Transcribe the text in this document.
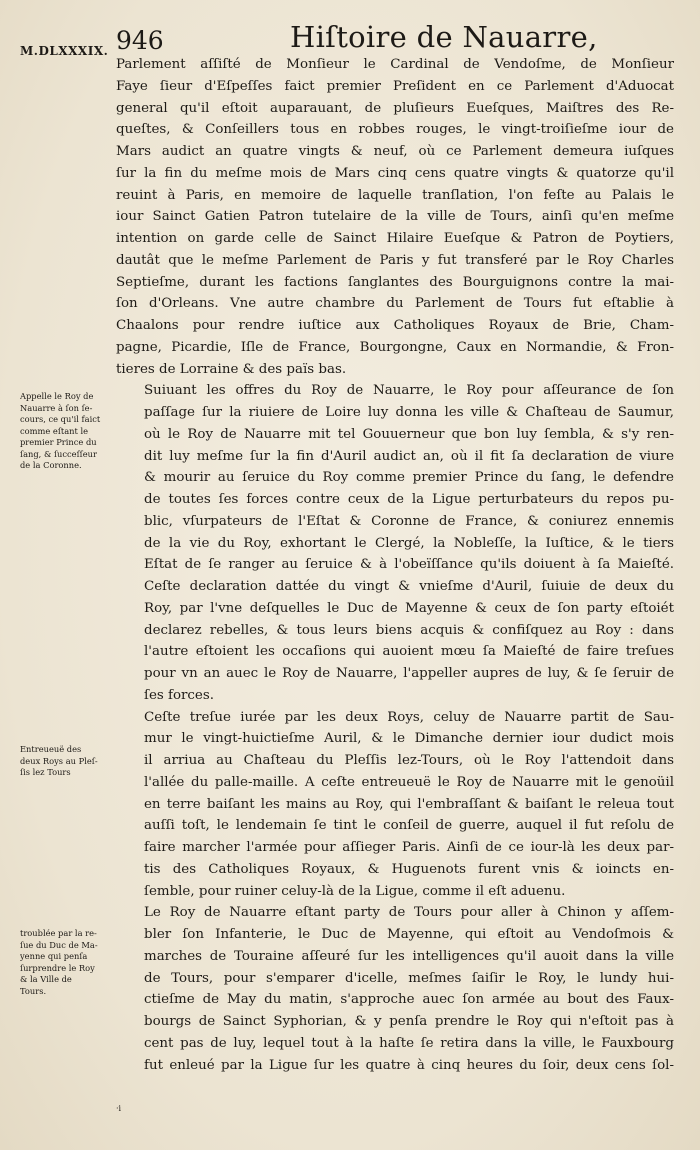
M.DLXXXIX. 946	Hiſtoire de Nauarre,

Parlement aſſiſté de Monſieur le Cardinal de Vendoſme, de Monſieur
Faye ſieur d'Eſpeſſes faict premier Preſident en ce Parlement d'Aduocat
general qu'il eſtoit auparauant, de pluſieurs Eueſques, Maiſtres des Re-
queſtes, & Conſeillers tous en robbes rouges, le vingt-troiſieſme iour de
Mars audict an quatre vingts & neuf, où ce Parlement demeura iuſques
ſur la fin du meſme mois de Mars cinq cens quatre vingts & quatorze qu'il
reuint à Paris, en memoire de laquelle tranſlation, l'on feſte au Palais le
iour Sainct Gatien Patron tutelaire de la ville de Tours, ainſi qu'en meſme
intention on garde celle de Sainct Hilaire Eueſque & Patron de Poytiers,
dautât que le meſme Parlement de Paris y fut transferé par le Roy Charles
Septieſme, durant les factions ſanglantes des Bourguignons contre la mai-
ſon d'Orleans. Vne autre chambre du Parlement de Tours fut eſtablie à
Chaalons pour rendre iuſtice aux Catholiques Royaux de Brie, Cham-
pagne, Picardie, Iſle de France, Bourgongne, Caux en Normandie, & Fron-
tieres de Lorraine & des païs bas.

Suiuant les offres du Roy de Nauarre, le Roy pour aſſeurance de ſon
paſſage ſur la riuiere de Loire luy donna les ville & Chaſteau de Saumur,
où le Roy de Nauarre mit tel Gouuerneur que bon luy ſembla, & s'y ren-
dit luy meſme ſur la fin d'Auril audict an, où il fit ſa declaration de viure
& mourir au ſeruice du Roy comme premier Prince du ſang, le defendre
de toutes ſes forces contre ceux de la Ligue perturbateurs du repos pu-
blic, vſurpateurs de l'Eſtat & Coronne de France, & coniurez ennemis
de la vie du Roy, exhortant le Clergé, la Nobleſſe, la Iuſtice, & le tiers
Eſtat de ſe ranger au ſeruice & à l'obeïſſance qu'ils doiuent à ſa Maieſté.
Ceſte declaration dattée du vingt & vnieſme d'Auril, ſuiuie de deux du
Roy, par l'vne deſquelles le Duc de Mayenne & ceux de ſon party eſtoiét
declarez rebelles, & tous leurs biens acquis & confiſquez au Roy : dans
l'autre eſtoient les occaſions qui auoient mœu ſa Maieſté de faire treſues
pour vn an auec le Roy de Nauarre, l'appeller aupres de luy, & ſe ſeruir de
ſes forces.

Ceſte treſue iurée par les deux Roys, celuy de Nauarre partit de Sau-
mur le vingt-huictieſme Auril, & le Dimanche dernier iour dudict mois
il arriua au Chaſteau du Pleſſis lez-Tours, où le Roy l'attendoit dans
l'allée du palle-maille. A ceſte entreueuë le Roy de Nauarre mit le genoüil
en terre baiſant les mains au Roy, qui l'embraſſant & baiſant le releua tout
auſſi toſt, le lendemain ſe tint le conſeil de guerre, auquel il fut reſolu de
faire marcher l'armée pour aſſieger Paris. Ainſi de ce iour-là les deux par-
tis des Catholiques Royaux, & Huguenots furent vnis & ioincts en-
ſemble, pour ruiner celuy-là de la Ligue, comme il eſt aduenu.

Le Roy de Nauarre eſtant party de Tours pour aller à Chinon y aſſem-
bler ſon Infanterie, le Duc de Mayenne, qui eſtoit au Vendoſmois &
marches de Touraine aſſeuré ſur les intelligences qu'il auoit dans la ville
de Tours, pour s'emparer d'icelle, meſmes ſaiſir le Roy, le lundy hui-
ctieſme de May du matin, s'approche auec ſon armée au bout des Faux-
bourgs de Sainct Syphorian, & y penſa prendre le Roy qui n'eſtoit pas à
cent pas de luy, lequel tout à la haſte ſe retira dans la ville, le Fauxbourg
fut enleué par la Ligue ſur les quatre à cinq heures du ſoir, deux cens ſol-

Appelle le Roy de
Nauarre à ſon ſe-
cours, ce qu'il faict
comme eſtant le
premier Prince du
ſang, & ſucceſſeur
de la Coronne.

Entreueuë des
deux Roys au Pleſ-
ſis lez Tours

troublée par la re-
ſue du Duc de Ma-
yenne qui penſa
ſurprendre le Roy
& la Ville de
Tours.

·i
